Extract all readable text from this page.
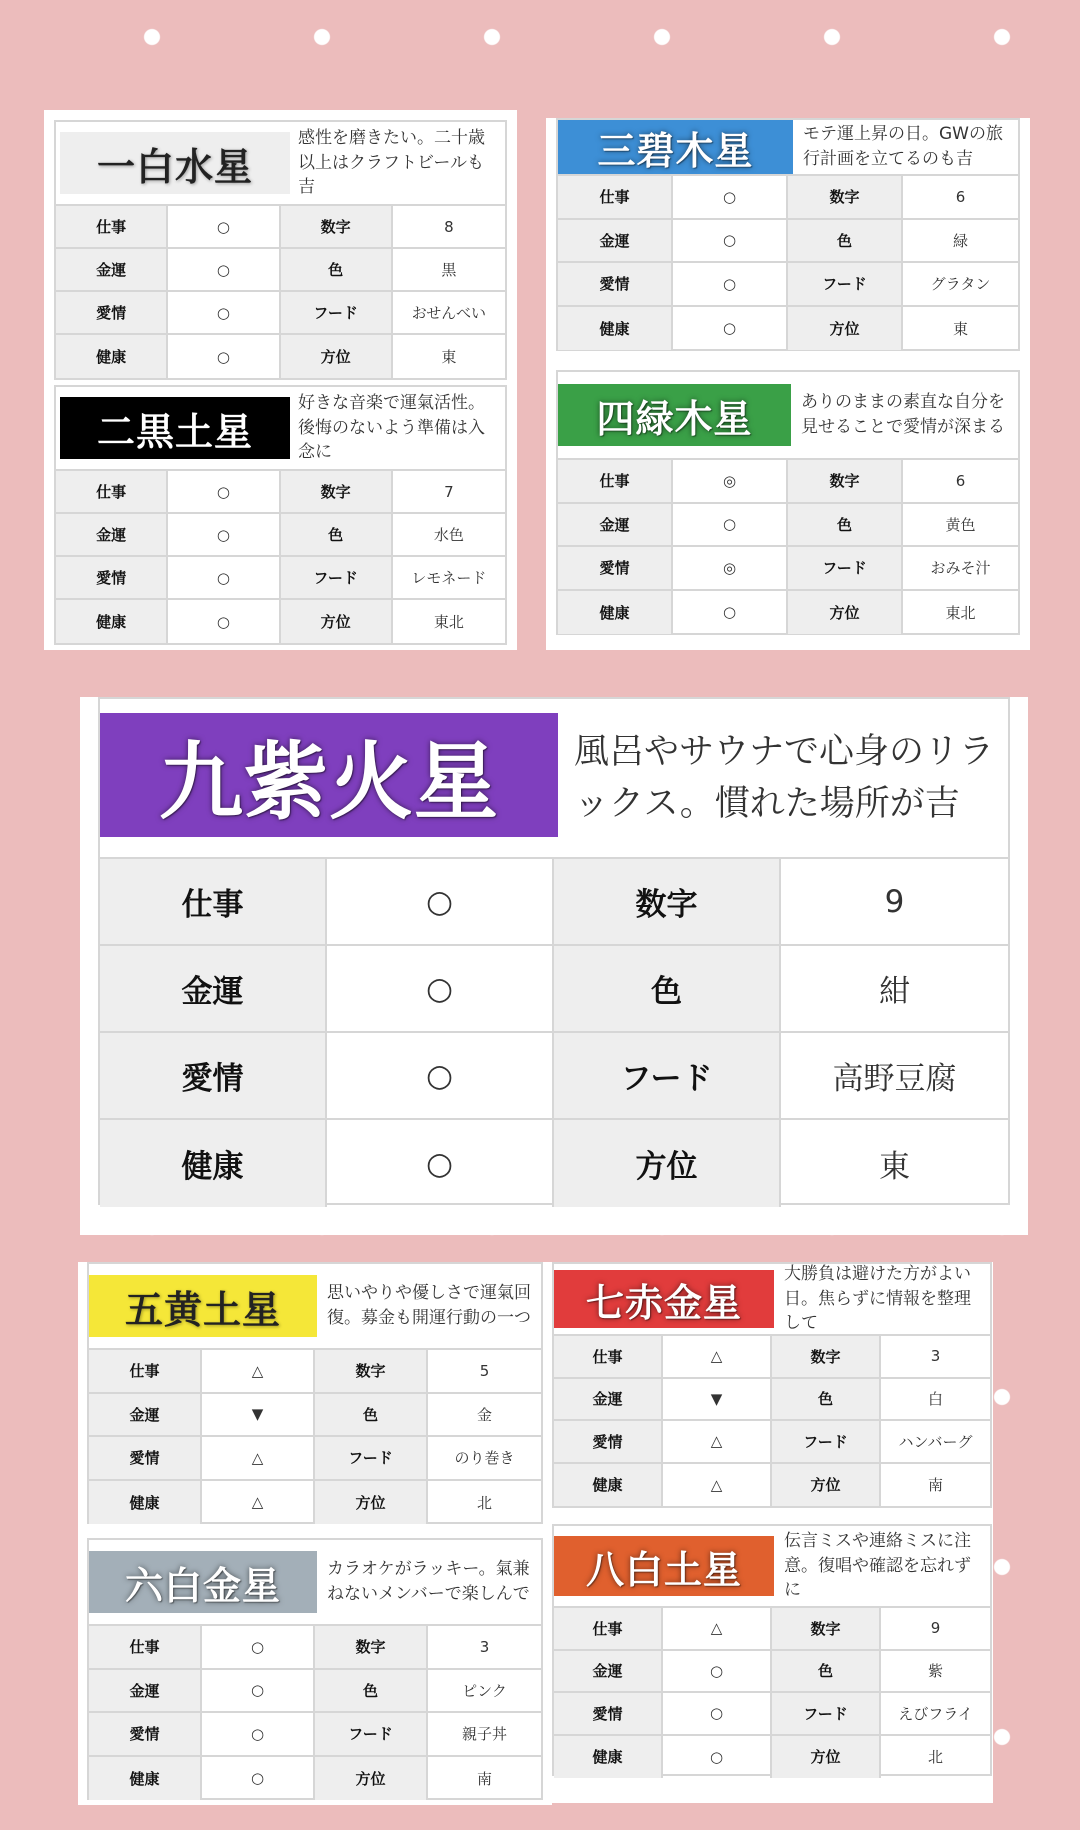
一白水星
感性を磨きたい。二十歳以上はクラフトビールも吉
仕事	○	数字	8
金運	○	色	黒
愛情	○	フード	おせんべい
健康	○	方位	東
二黒土星
好きな音楽で運氣活性。後悔のないよう準備は入念に
仕事	○	数字	7
金運	○	色	水色
愛情	○	フード	レモネード
健康	○	方位	東北
三碧木星	モテ運上昇の日。GWの旅行計画を立てるのも吉
仕事	○	数字	6
金運	○	色	緑
愛情	○	フード	グラタン
健康	○	方位	東
四緑木星	ありのままの素直な自分を見せることで愛情が深まる
仕事	◎	数字	6
金運	○	色	黄色
愛情	◎	フード	おみそ汁
健康	○	方位	東北
九紫火星	風呂やサウナで心身のリラックス。慣れた場所が吉
仕事	○	数字	9
金運	○	色	紺
愛情	○	フード	高野豆腐
健康	○	方位	東
五黄土星	思いやりや優しさで運氣回復。募金も開運行動の一つ
仕事	△	数字	5
金運	▼	色	金
愛情	△	フード	のり巻き
健康	△	方位	北
六白金星	カラオケがラッキー。氣兼ねないメンバーで楽しんで
仕事	○	数字	3
金運	○	色	ピンク
愛情	○	フード	親子丼
健康	○	方位	南
七赤金星
大勝負は避けた方がよい日。焦らずに情報を整理して
仕事	△	数字	3
金運	▼	色	白
愛情	△	フード	ハンバーグ
健康	△	方位	南
八白土星
伝言ミスや連絡ミスに注意。復唱や確認を忘れずに
仕事	△	数字	9
金運	○	色	紫
愛情	○	フード	えびフライ
健康	○	方位	北
